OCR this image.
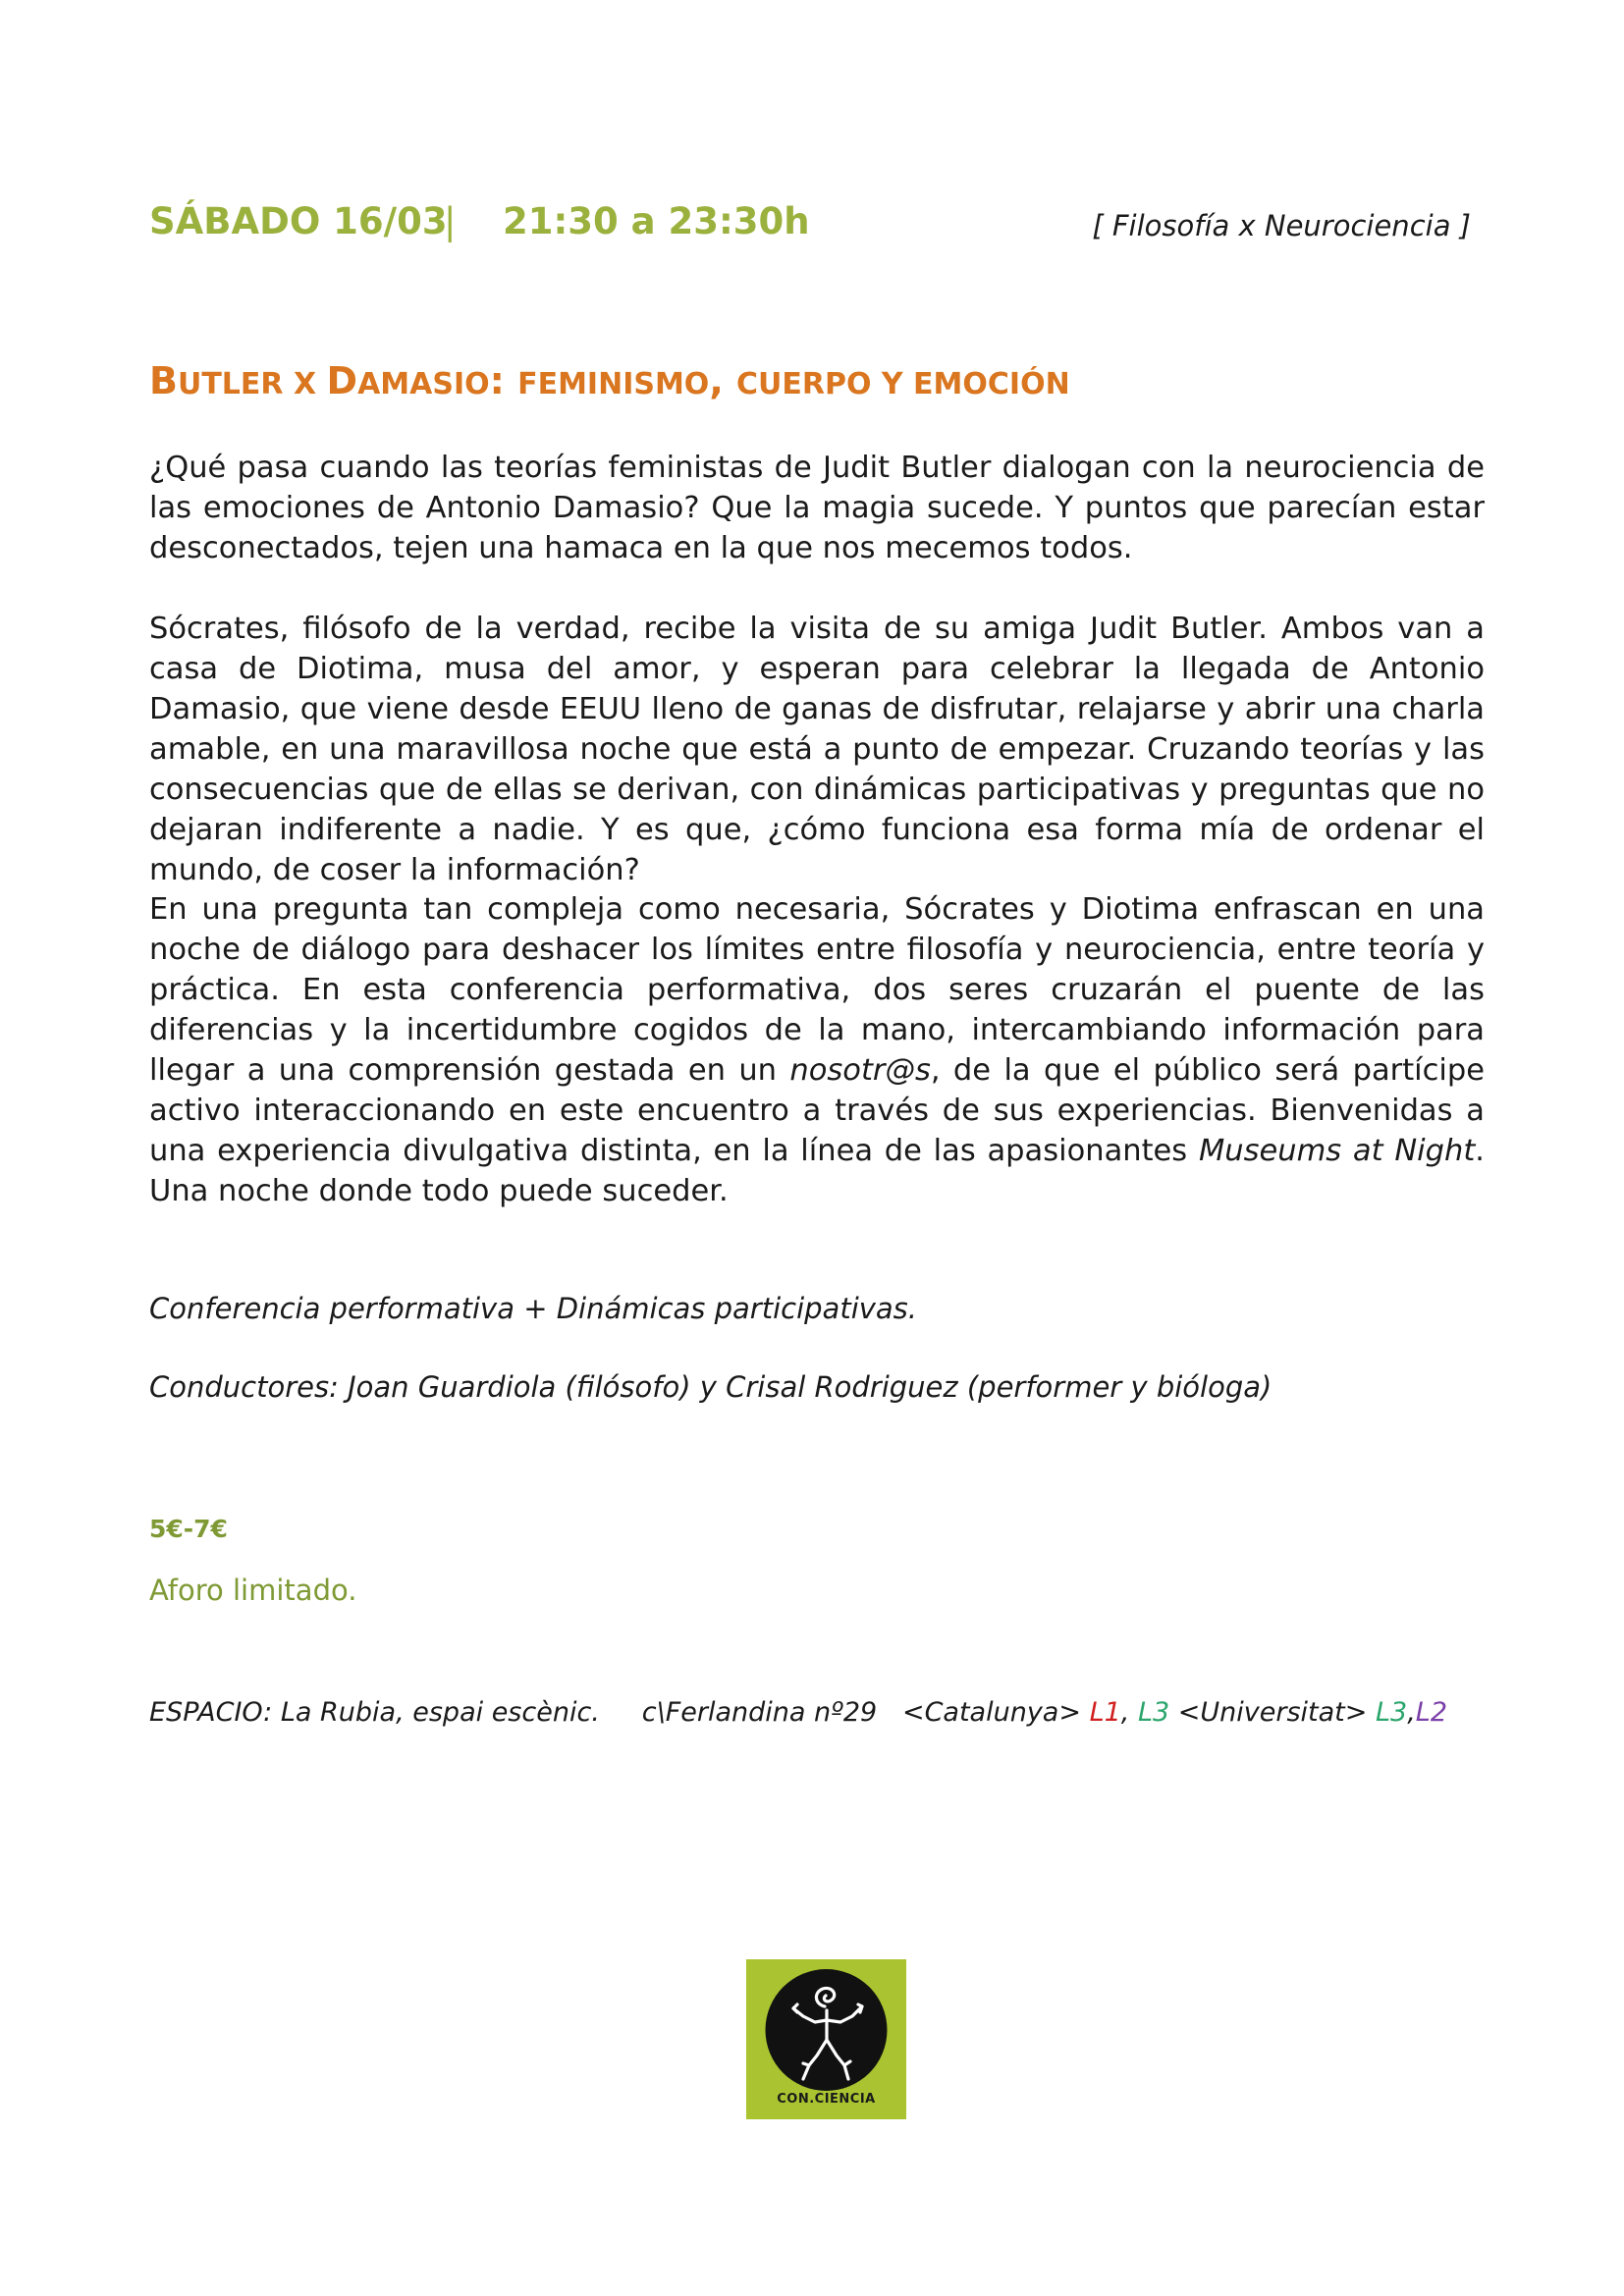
SÁBADO 16/03
| 21:30 a 23:30h	[ Filosofía x Neurociencia ]
BUTLER X DAMASIO: FEMINISMO, CUERPO Y EMOCIÓN

¿Qué pasa cuando las teorías feministas de Judit Butler dialogan con la neurociencia de las emociones de Antonio Damasio? Que la magia sucede. Y puntos que parecían estar desconectados, tejen una hamaca en la que nos mecemos todos.

Sócrates, filósofo de la verdad, recibe la visita de su amiga Judit Butler. Ambos van a casa de Diotima, musa del amor, y esperan para celebrar la llegada de Antonio Damasio, que viene desde EEUU lleno de ganas de disfrutar, relajarse y abrir una charla amable, en una maravillosa noche que está a punto de empezar. Cruzando teorías y las consecuencias que de ellas se derivan, con dinámicas participativas y preguntas que no dejaran indiferente a nadie. Y es que, ¿cómo funciona esa forma mía de ordenar el mundo, de coser la información?

En una pregunta tan compleja como necesaria, Sócrates y Diotima enfrascan en una noche de diálogo para deshacer los límites entre filosofía y neurociencia, entre teoría y práctica. En esta conferencia performativa, dos seres cruzarán el puente de las diferencias y la incertidumbre cogidos de la mano, intercambiando información para llegar a una comprensión gestada en un nosotr@s, de la que el público será partícipe activo interaccionando en este encuentro a través de sus experiencias. Bienvenidas a una experiencia divulgativa distinta, en la línea de las apasionantes Museums at Night. Una noche donde todo puede suceder.

Conferencia performativa + Dinámicas participativas.
Conductores: Joan Guardiola (filósofo) y Crisal Rodriguez (performer y bióloga)
5€-7€
Aforo limitado.
ESPACIO: La Rubia, espai escènic.     c\Ferlandina nº29   <Catalunya> L1, L3 <Universitat> L3,L2
CON.CIENCIA
